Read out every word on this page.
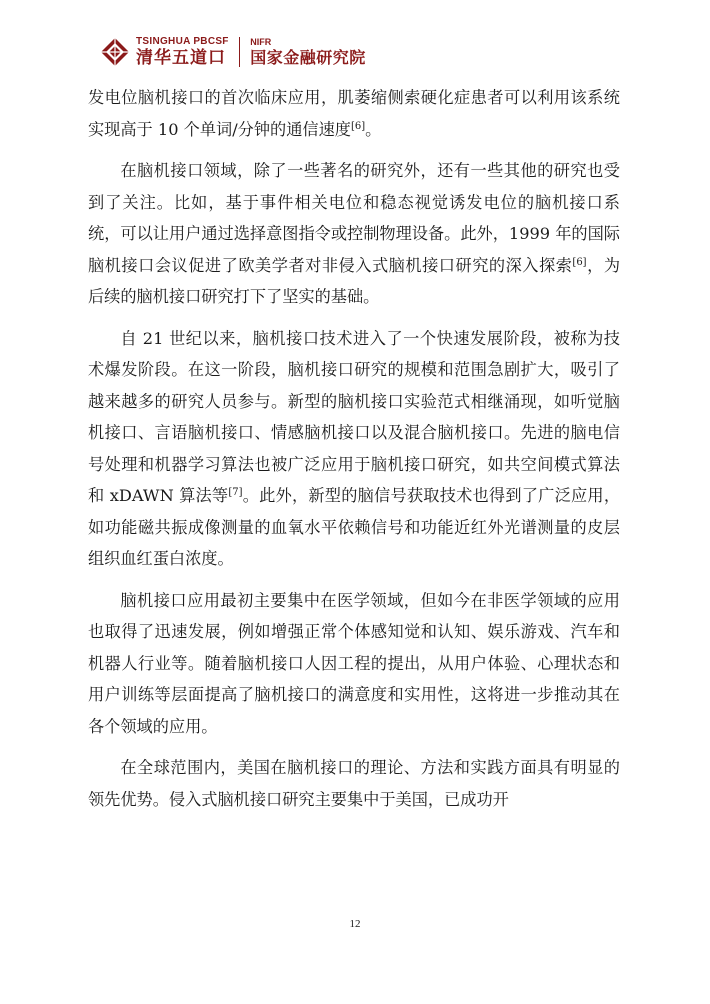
TSINGHUA PBCSF
清华五道口
NIFR
国家金融研究院

发电位脑机接口的首次临床应用，肌萎缩侧索硬化症患者可以利用该系统实现高于 10 个单词/分钟的通信速度[6]。

在脑机接口领域，除了一些著名的研究外，还有一些其他的研究也受到了关注。比如，基于事件相关电位和稳态视觉诱发电位的脑机接口系统，可以让用户通过选择意图指令或控制物理设备。此外，1999 年的国际脑机接口会议促进了欧美学者对非侵入式脑机接口研究的深入探索[6]，为后续的脑机接口研究打下了坚实的基础。

自 21 世纪以来，脑机接口技术进入了一个快速发展阶段，被称为技术爆发阶段。在这一阶段，脑机接口研究的规模和范围急剧扩大，吸引了越来越多的研究人员参与。新型的脑机接口实验范式相继涌现，如听觉脑机接口、言语脑机接口、情感脑机接口以及混合脑机接口。先进的脑电信号处理和机器学习算法也被广泛应用于脑机接口研究，如共空间模式算法和 xDAWN 算法等[7]。此外，新型的脑信号获取技术也得到了广泛应用，如功能磁共振成像测量的血氧水平依赖信号和功能近红外光谱测量的皮层组织血红蛋白浓度。

脑机接口应用最初主要集中在医学领域，但如今在非医学领域的应用也取得了迅速发展，例如增强正常个体感知觉和认知、娱乐游戏、汽车和机器人行业等。随着脑机接口人因工程的提出，从用户体验、心理状态和用户训练等层面提高了脑机接口的满意度和实用性，这将进一步推动其在各个领域的应用。

在全球范围内，美国在脑机接口的理论、方法和实践方面具有明显的领先优势。侵入式脑机接口研究主要集中于美国，已成功开

12
